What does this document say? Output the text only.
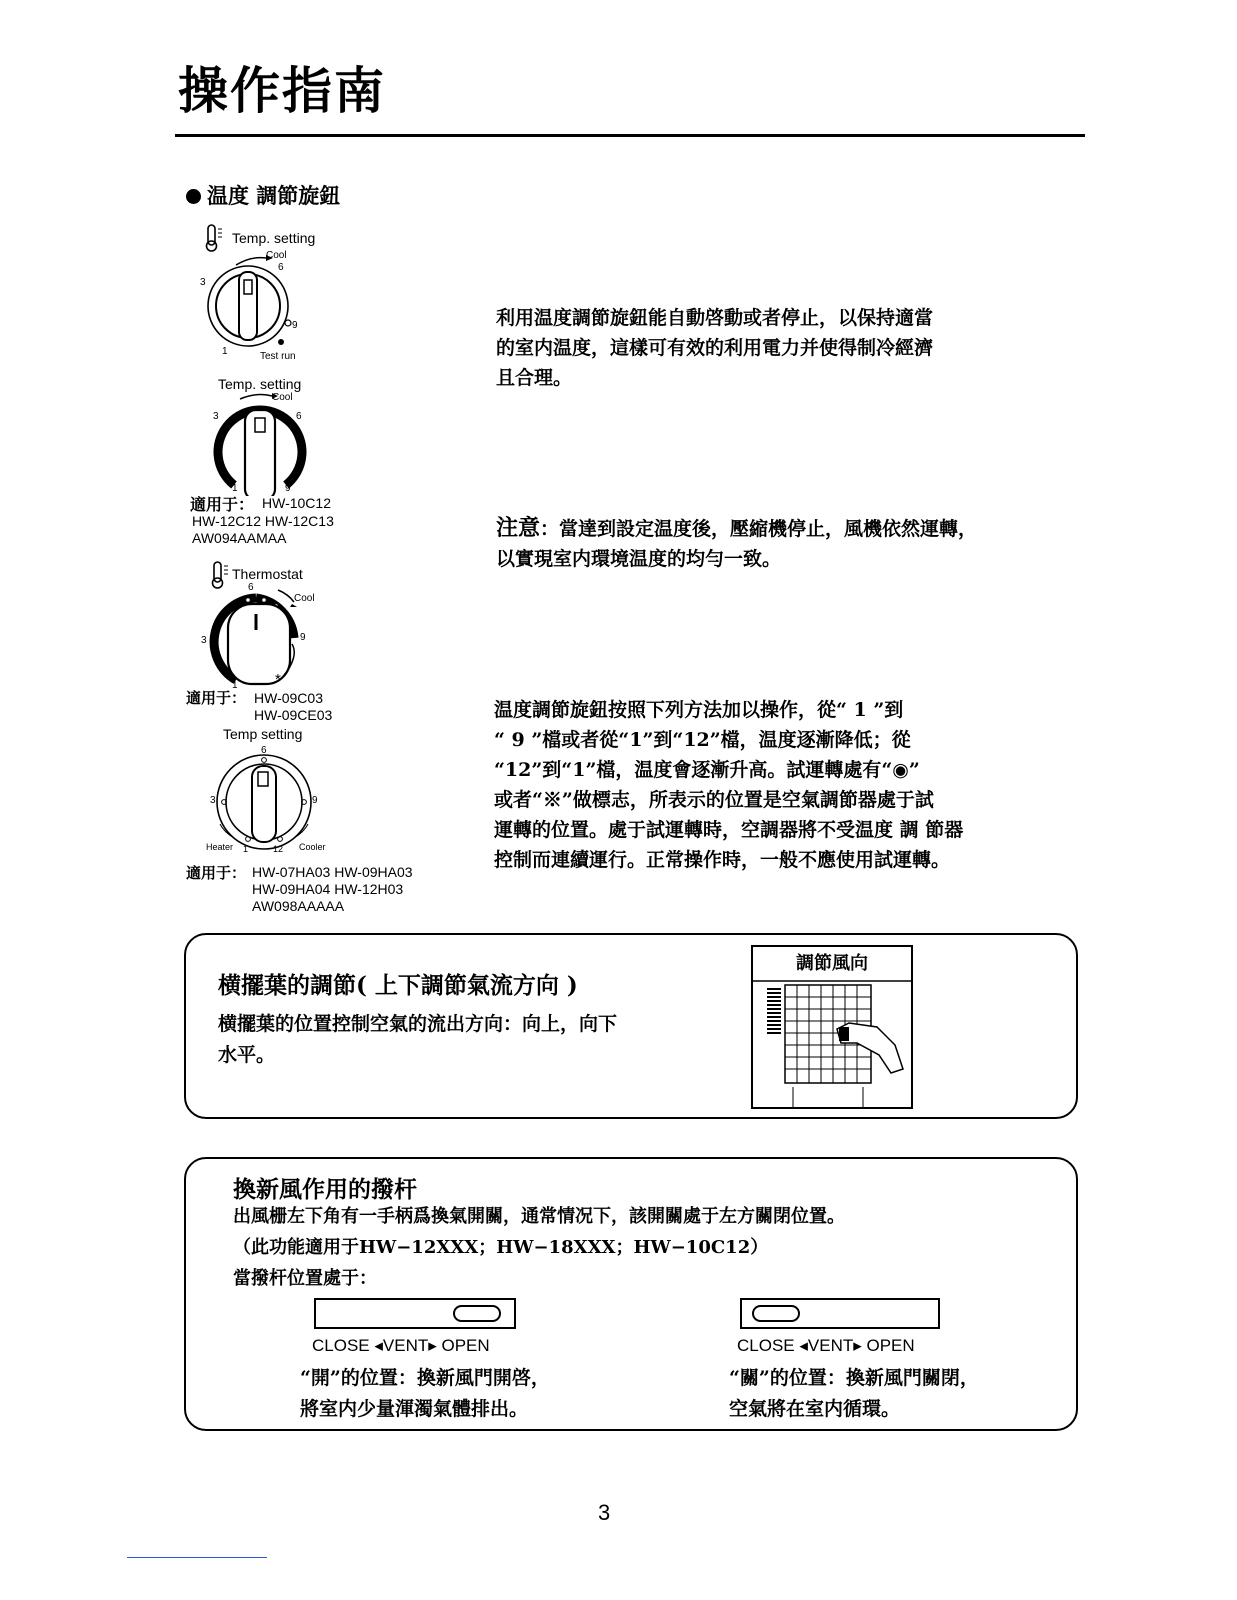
操作指南
温度 調節旋鈕
Temp. setting
Cool
6
3
9
1	Test run
Temp. setting
Cool
3	6
1	9
適用于： HW-10C12
HW-12C12 HW-12C13
AW094AAMAA
Thermostat
6
Cool
3	9
1 *
適用于： HW-09C03
HW-09CE03
Temp setting
6
3	9
Heater 1	12 Cooler
適用于： HW-07HA03 HW-09HA03
HW-09HA04 HW-12H03
AW098AAAAA
利用温度調節旋鈕能自動啓動或者停止，以保持適當
的室内温度，這樣可有效的利用電力并使得制冷經濟
且合理。
注意：當達到設定温度後，壓縮機停止，風機依然運轉，
以實現室内環境温度的均勻一致。
温度調節旋鈕按照下列方法加以操作，從“ 1 ”到
“ 9 ”檔或者從“1”到“12”檔，温度逐漸降低；從
“12”到“1”檔，温度會逐漸升高。試運轉處有“◉”
或者“※”做標志，所表示的位置是空氣調節器處于試
運轉的位置。處于試運轉時，空調器將不受温度 調 節器
控制而連續運行。正常操作時，一般不應使用試運轉。
横擺葉的調節( 上下調節氣流方向 )
横擺葉的位置控制空氣的流出方向：向上，向下
水平。
調節風向
換新風作用的撥杆
出風栅左下角有一手柄爲換氣開關，通常情况下，該開關處于左方關閉位置。
（此功能適用于HW−12XXX；HW−18XXX；HW−10C12）
當撥杆位置處于：
CLOSE ◂VENT▸ OPEN
“開”的位置：換新風門開啓，
將室内少量渾濁氣體排出。
CLOSE ◂VENT▸ OPEN
“關”的位置：換新風門關閉，
空氣將在室内循環。
3
